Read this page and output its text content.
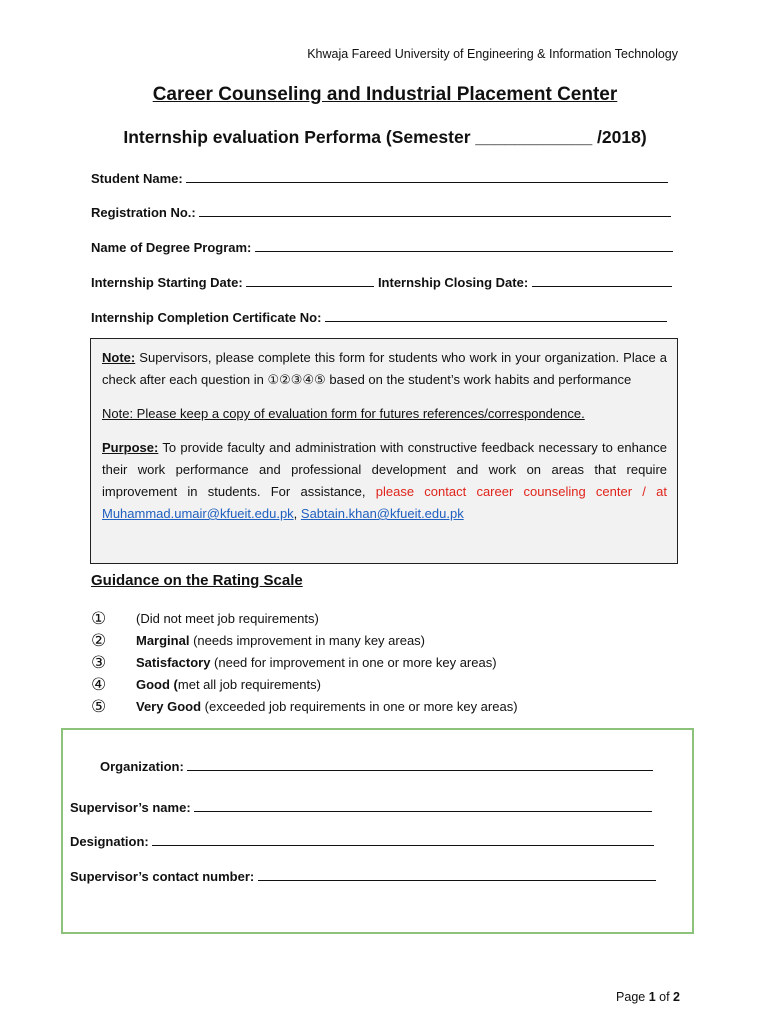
Khwaja Fareed University of Engineering & Information Technology
Career Counseling and Industrial Placement Center
Internship evaluation Performa (Semester ____________ /2018)
Student Name:
Registration No.:
Name of Degree Program:
Internship Starting Date:	Internship Closing Date:
Internship Completion Certificate No:

Note: Supervisors, please complete this form for students who work in your organization. Place a check after each question in ①②③④⑤ based on the student’s work habits and performance

Note: Please keep a copy of evaluation form for futures references/correspondence.

Purpose: To provide faculty and administration with constructive feedback necessary to enhance their work performance and professional development and work on areas that require improvement in students. For assistance, please contact career counseling center / at Muhammad.umair@kfueit.edu.pk, Sabtain.khan@kfueit.edu.pk

Guidance on the Rating Scale
① (Did not meet job requirements)
② Marginal (needs improvement in many key areas)
③ Satisfactory (need for improvement in one or more key areas)
④ Good (met all job requirements)
⑤ Very Good (exceeded job requirements in one or more key areas)
Organization:
Supervisor’s name:
Designation:
Supervisor’s contact number:
Page 1 of 2
